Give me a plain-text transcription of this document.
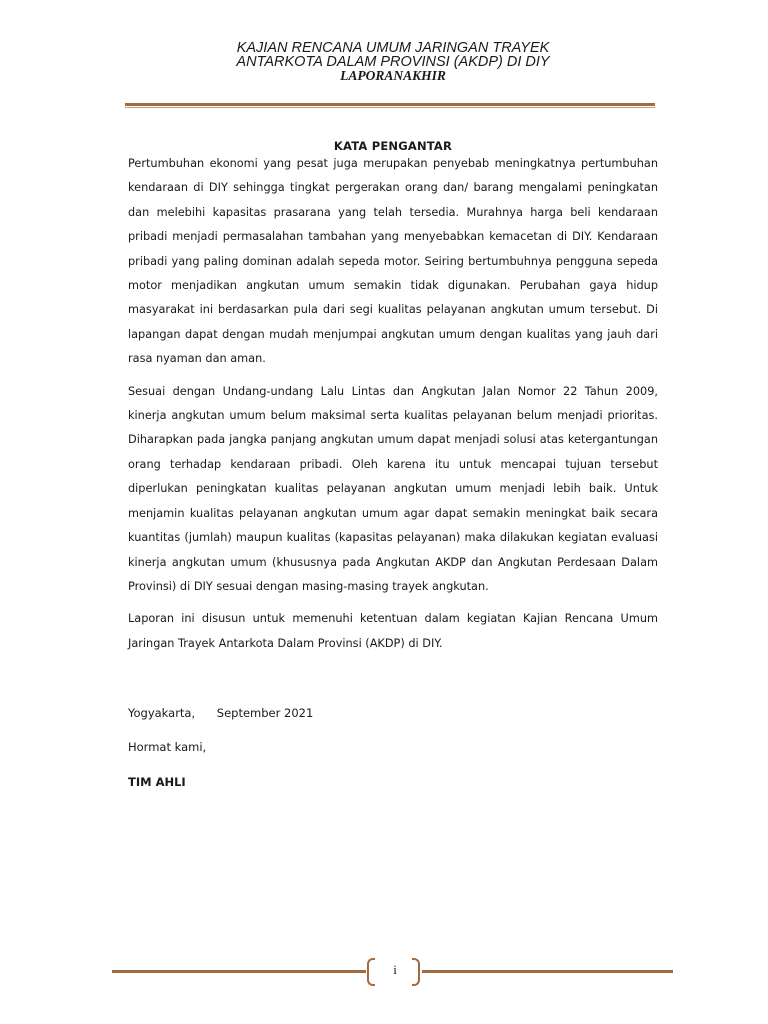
KAJIAN RENCANA UMUM JARINGAN TRAYEK
ANTARKOTA DALAM PROVINSI (AKDP) DI DIY
LAPORANAKHIR
KATA PENGANTAR

Pertumbuhan ekonomi yang pesat juga merupakan penyebab meningkatnya pertumbuhan kendaraan di DIY sehingga tingkat pergerakan orang dan/ barang mengalami peningkatan dan melebihi kapasitas prasarana yang telah tersedia. Murahnya harga beli kendaraan pribadi menjadi permasalahan tambahan yang menyebabkan kemacetan di DIY. Kendaraan pribadi yang paling dominan adalah sepeda motor. Seiring bertumbuhnya pengguna sepeda motor menjadikan angkutan umum semakin tidak digunakan. Perubahan gaya hidup masyarakat ini berdasarkan pula dari segi kualitas pelayanan angkutan umum tersebut. Di lapangan dapat dengan mudah menjumpai angkutan umum dengan kualitas yang jauh dari rasa nyaman dan aman.

Sesuai dengan Undang-undang Lalu Lintas dan Angkutan Jalan Nomor 22 Tahun 2009, kinerja angkutan umum belum maksimal serta kualitas pelayanan belum menjadi prioritas. Diharapkan pada jangka panjang angkutan umum dapat menjadi solusi atas ketergantungan orang terhadap kendaraan pribadi. Oleh karena itu untuk mencapai tujuan tersebut diperlukan peningkatan kualitas pelayanan angkutan umum menjadi lebih baik. Untuk menjamin kualitas pelayanan angkutan umum agar dapat semakin meningkat baik secara kuantitas (jumlah) maupun kualitas (kapasitas pelayanan) maka dilakukan kegiatan evaluasi kinerja angkutan umum (khususnya pada Angkutan AKDP dan Angkutan Perdesaan Dalam Provinsi) di DIY sesuai dengan masing-masing trayek angkutan.

Laporan ini disusun untuk memenuhi ketentuan dalam kegiatan Kajian Rencana Umum Jaringan Trayek Antarkota Dalam Provinsi (AKDP) di DIY.

Yogyakarta, September 2021
Hormat kami,
TIM AHLI
i
